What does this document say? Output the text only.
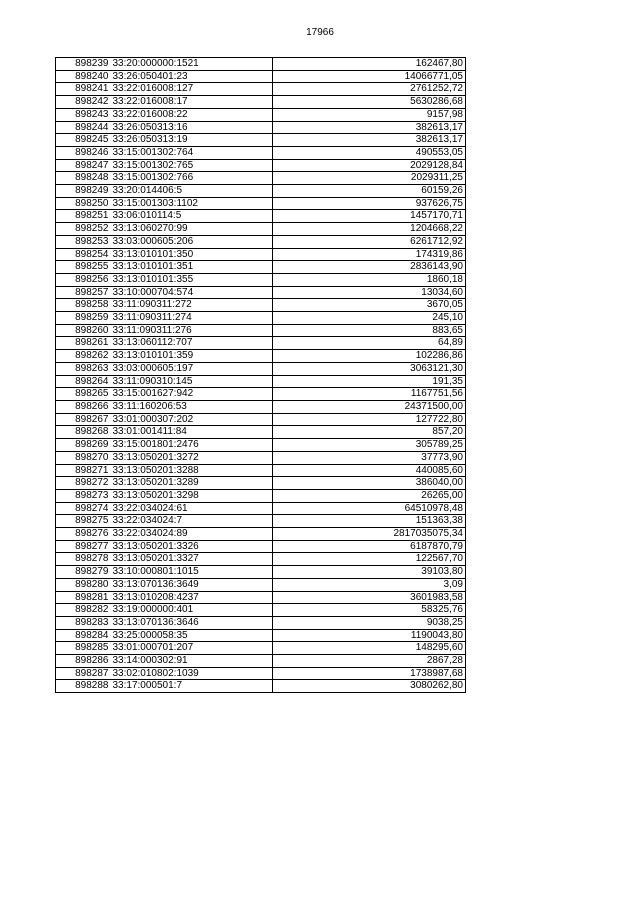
17966
898239	33:20:000000:1521	162467,80
898240	33:26:050401:23	14066771,05
898241	33:22:016008:127	2761252,72
898242	33:22:016008:17	5630286,68
898243	33:22:016008:22	9157,98
898244	33:26:050313:16	382613,17
898245	33:26:050313:19	382613,17
898246	33:15:001302:764	490553,05
898247	33:15:001302:765	2029128,84
898248	33:15:001302:766	2029311,25
898249	33:20:014406:5	60159,26
898250	33:15:001303:1102	937626,75
898251	33:06:010114:5	1457170,71
898252	33:13:060270:99	1204668,22
898253	33:03:000605:206	6261712,92
898254	33:13:010101:350	174319,86
898255	33:13:010101:351	2836143,90
898256	33:13:010101:355	1860,18
898257	33:10:000704:574	13034,60
898258	33:11:090311:272	3670,05
898259	33:11:090311:274	245,10
898260	33:11:090311:276	883,65
898261	33:13:060112:707	64,89
898262	33:13:010101:359	102286,86
898263	33:03:000605:197	3063121,30
898264	33:11:090310:145	191,35
898265	33:15:001627:942	1167751,56
898266	33:11:160206:53	24371500,00
898267	33:01:000307:202	127722,80
898268	33:01:001411:84	857,20
898269	33:15:001801:2476	305789,25
898270	33:13:050201:3272	37773,90
898271	33:13:050201:3288	440085,60
898272	33:13:050201:3289	386040,00
898273	33:13:050201:3298	26265,00
898274	33:22:034024:61	64510978,48
898275	33:22:034024:7	151363,38
898276	33:22:034024:89	2817035075,34
898277	33:13:050201:3326	6187870,79
898278	33:13:050201:3327	122567,70
898279	33:10:000801:1015	39103,80
898280	33:13:070136:3649	3,09
898281	33:13:010208:4237	3601983,58
898282	33:19:000000:401	58325,76
898283	33:13:070136:3646	9038,25
898284	33:25:000058:35	1190043,80
898285	33:01:000701:207	148295,60
898286	33:14:000302:91	2867,28
898287	33:02:010802:1039	1738987,68
898288	33:17:000501:7	3080262,80
